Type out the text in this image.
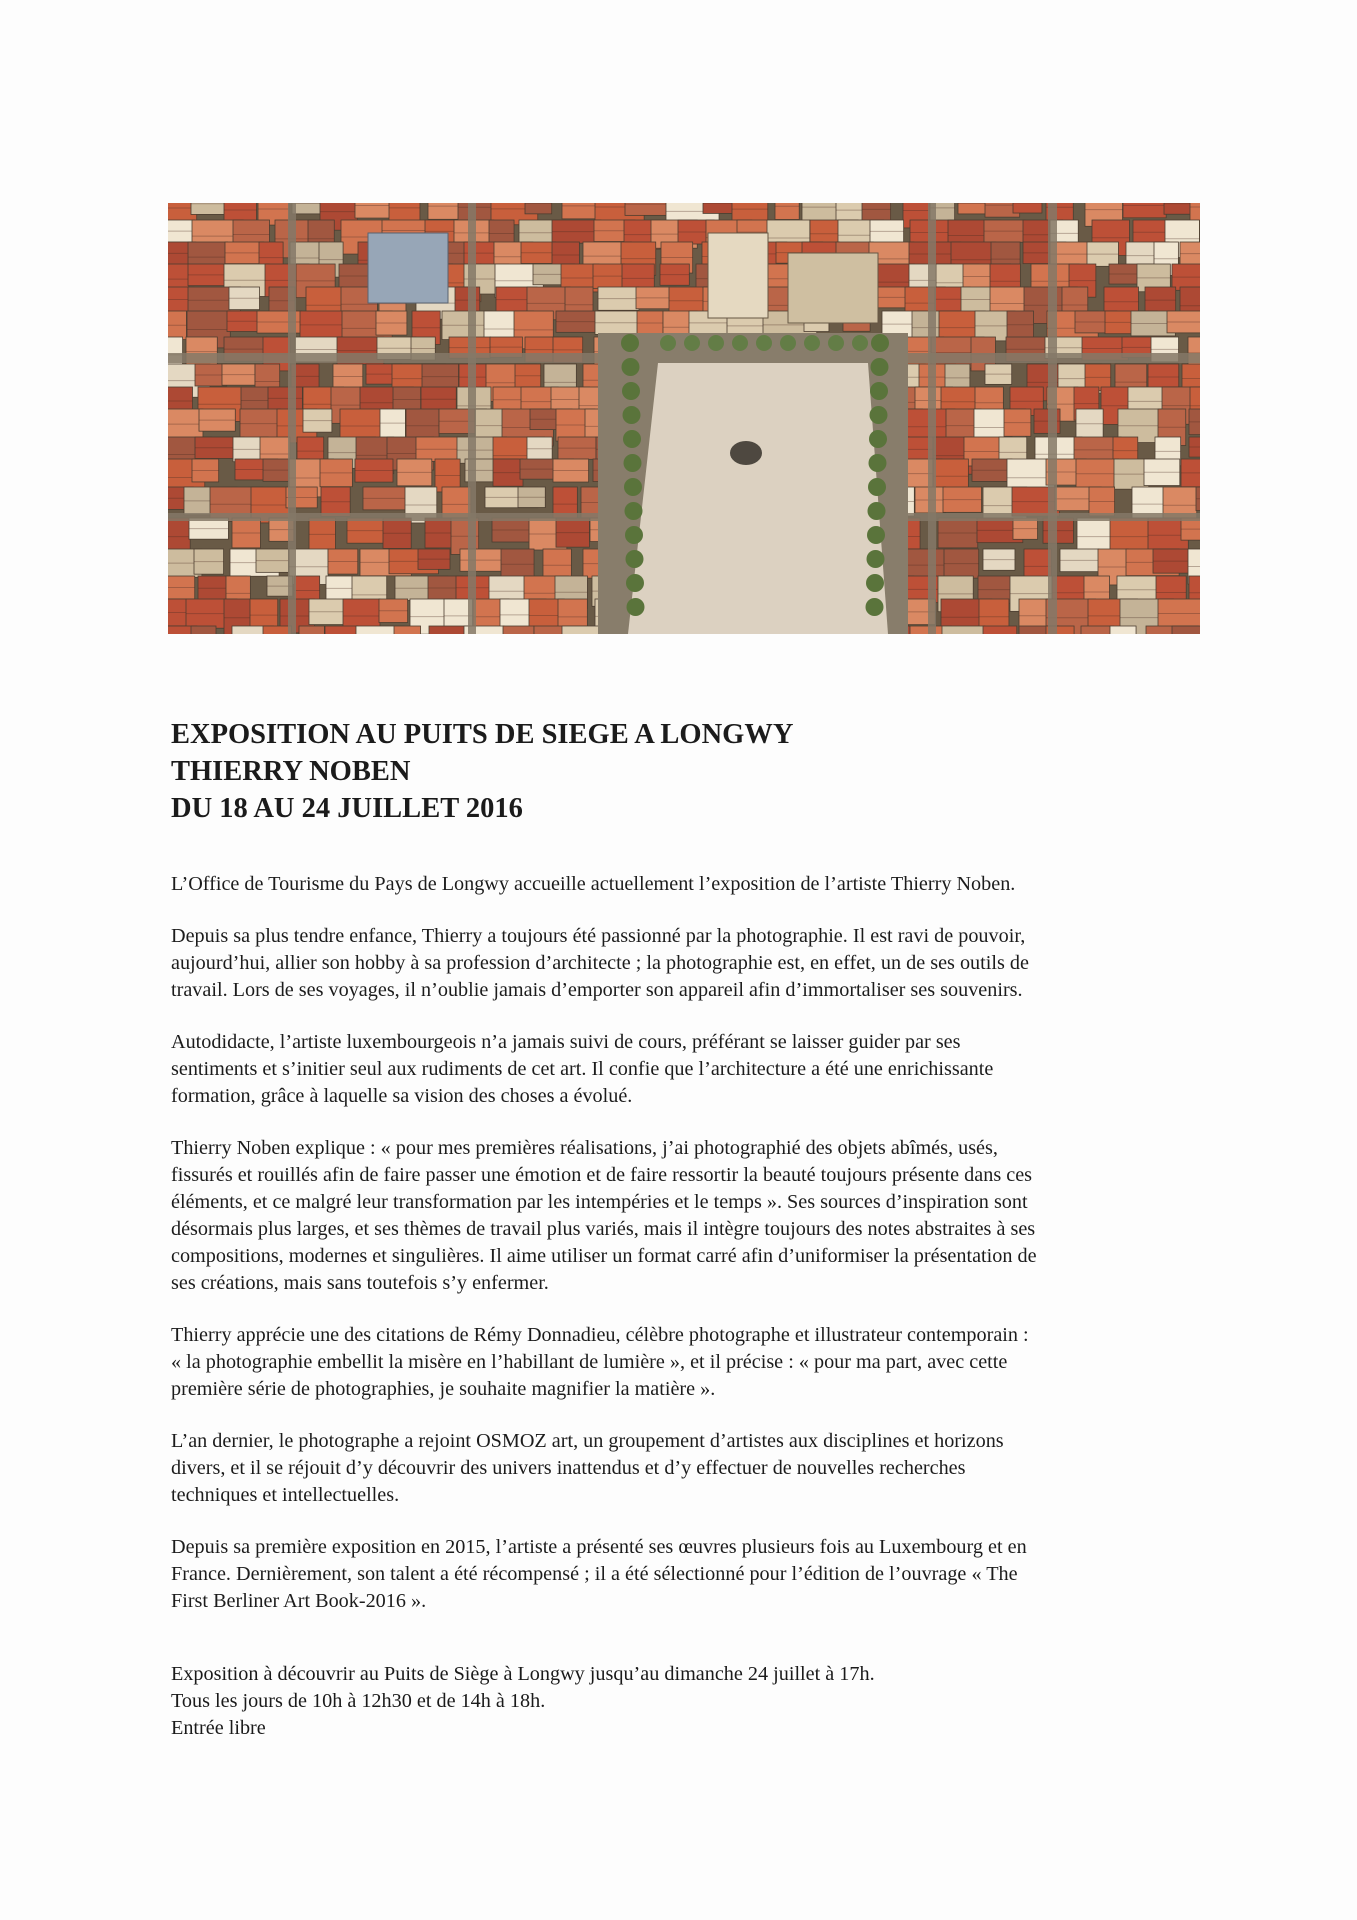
EXPOSITION AU PUITS DE SIEGE A LONGWY
THIERRY NOBEN
DU 18 AU 24 JUILLET 2016

L’Office de Tourisme du Pays de Longwy accueille actuellement l’exposition de l’artiste Thierry Noben.

Depuis sa plus tendre enfance, Thierry a toujours été passionné par la photographie. Il est ravi de pouvoir,
aujourd’hui, allier son hobby à sa profession d’architecte ; la photographie est, en effet, un de ses outils de
travail. Lors de ses voyages, il n’oublie jamais d’emporter son appareil afin d’immortaliser ses souvenirs.

Autodidacte, l’artiste luxembourgeois n’a jamais suivi de cours, préférant se laisser guider par ses
sentiments et s’initier seul aux rudiments de cet art. Il confie que l’architecture a été une enrichissante
formation, grâce à laquelle sa vision des choses a évolué.

Thierry Noben explique : « pour mes premières réalisations, j’ai photographié des objets abîmés, usés,
fissurés et rouillés afin de faire passer une émotion et de faire ressortir la beauté toujours présente dans ces
éléments, et ce malgré leur transformation par les intempéries et le temps ». Ses sources d’inspiration sont
désormais plus larges, et ses thèmes de travail plus variés, mais il intègre toujours des notes abstraites à ses
compositions, modernes et singulières. Il aime utiliser un format carré afin d’uniformiser la présentation de
ses créations, mais sans toutefois s’y enfermer.

Thierry apprécie une des citations de Rémy Donnadieu, célèbre photographe et illustrateur contemporain :
« la photographie embellit la misère en l’habillant de lumière », et il précise : « pour ma part, avec cette
première série de photographies, je souhaite magnifier la matière ».

L’an dernier, le photographe a rejoint OSMOZ art, un groupement d’artistes aux disciplines et horizons
divers, et il se réjouit d’y découvrir des univers inattendus et d’y effectuer de nouvelles recherches
techniques et intellectuelles.

Depuis sa première exposition en 2015, l’artiste a présenté ses œuvres plusieurs fois au Luxembourg et en
France. Dernièrement, son talent a été récompensé ; il a été sélectionné pour l’édition de l’ouvrage « The
First Berliner Art Book-2016 ».

Exposition à découvrir au Puits de Siège à Longwy jusqu’au dimanche 24 juillet à 17h.
Tous les jours de 10h à 12h30 et de 14h à 18h.
Entrée libre
